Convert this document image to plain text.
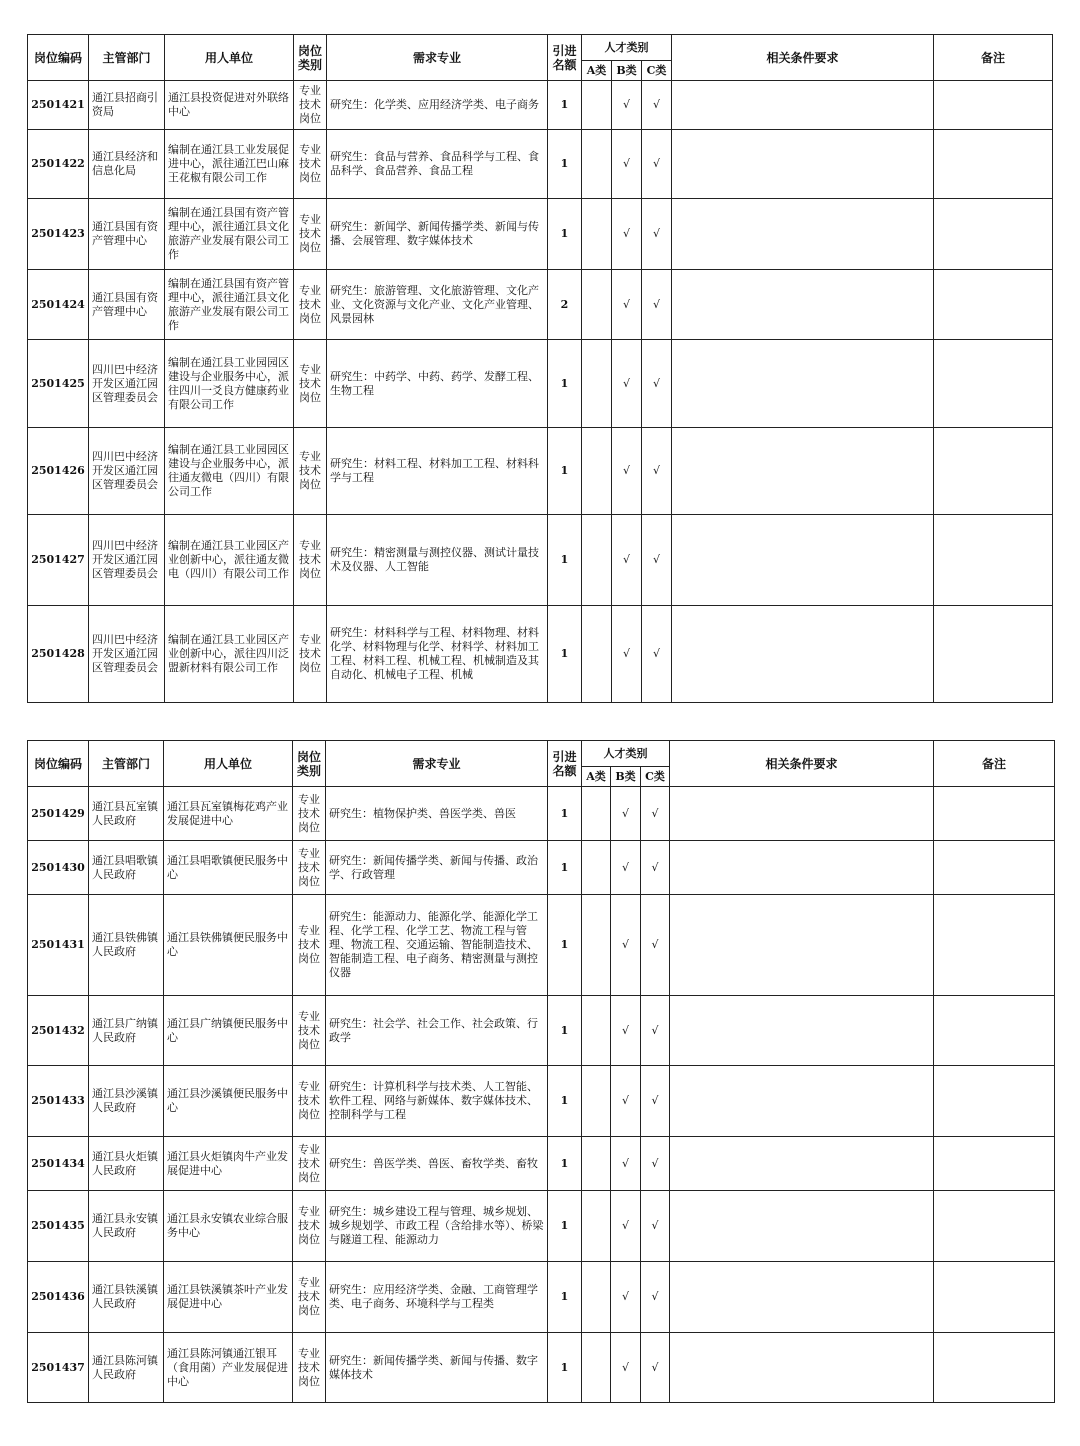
岗位编码	主管部门	用人单位	岗位类别	需求专业	引进名额	人才类别			相关条件要求	备注
						A类	B类	C类		
2501421	通江县招商引资局	通江县投资促进对外联络中心	专业技术岗位	研究生：化学类、应用经济学类、电子商务	1		√	√		
2501422	通江县经济和信息化局	编制在通江县工业发展促进中心，派往通江巴山麻王花椒有限公司工作	专业技术岗位	研究生：食品与营养、食品科学与工程、食品科学、食品营养、食品工程	1		√	√		
2501423	通江县国有资产管理中心	编制在通江县国有资产管理中心，派往通江县文化旅游产业发展有限公司工作	专业技术岗位	研究生：新闻学、新闻传播学类、新闻与传播、会展管理、数字媒体技术	1		√	√		
2501424	通江县国有资产管理中心	编制在通江县国有资产管理中心，派往通江县文化旅游产业发展有限公司工作	专业技术岗位	研究生：旅游管理、文化旅游管理、文化产业、文化资源与文化产业、文化产业管理、风景园林	2		√	√		
2501425	四川巴中经济开发区通江园区管理委员会	编制在通江县工业园园区建设与企业服务中心，派往四川一爻良方健康药业有限公司工作	专业技术岗位	研究生：中药学、中药、药学、发酵工程、生物工程	1		√	√		
2501426	四川巴中经济开发区通江园区管理委员会	编制在通江县工业园园区建设与企业服务中心，派往通友微电（四川）有限公司工作	专业技术岗位	研究生：材料工程、材料加工工程、材料科学与工程	1		√	√		
2501427	四川巴中经济开发区通江园区管理委员会	编制在通江县工业园区产业创新中心，派往通友微电（四川）有限公司工作	专业技术岗位	研究生：精密测量与测控仪器、测试计量技术及仪器、人工智能	1		√	√		
2501428	四川巴中经济开发区通江园区管理委员会	编制在通江县工业园区产业创新中心，派往四川泛盟新材料有限公司工作	专业技术岗位	研究生：材料科学与工程、材料物理、材料化学、材料物理与化学、材料学、材料加工工程、材料工程、机械工程、机械制造及其自动化、机械电子工程、机械	1		√	√		
岗位编码	主管部门	用人单位	岗位类别	需求专业	引进名额	人才类别			相关条件要求	备注
						A类	B类	C类		
2501429	通江县瓦室镇人民政府	通江县瓦室镇梅花鸡产业发展促进中心	专业技术岗位	研究生：植物保护类、兽医学类、兽医	1		√	√		
2501430	通江县唱歌镇人民政府	通江县唱歌镇便民服务中心	专业技术岗位	研究生：新闻传播学类、新闻与传播、政治学、行政管理	1		√	√		
2501431	通江县铁佛镇人民政府	通江县铁佛镇便民服务中心	专业技术岗位	研究生：能源动力、能源化学、能源化学工程、化学工程、化学工艺、物流工程与管理、物流工程、交通运输、智能制造技术、智能制造工程、电子商务、精密测量与测控仪器	1		√	√		
2501432	通江县广纳镇人民政府	通江县广纳镇便民服务中心	专业技术岗位	研究生：社会学、社会工作、社会政策、行政学	1		√	√		
2501433	通江县沙溪镇人民政府	通江县沙溪镇便民服务中心	专业技术岗位	研究生：计算机科学与技术类、人工智能、软件工程、网络与新媒体、数字媒体技术、控制科学与工程	1		√	√		
2501434	通江县火炬镇人民政府	通江县火炬镇肉牛产业发展促进中心	专业技术岗位	研究生：兽医学类、兽医、畜牧学类、畜牧	1		√	√		
2501435	通江县永安镇人民政府	通江县永安镇农业综合服务中心	专业技术岗位	研究生：城乡建设工程与管理、城乡规划、城乡规划学、市政工程（含给排水等）、桥梁与隧道工程、能源动力	1		√	√		
2501436	通江县铁溪镇人民政府	通江县铁溪镇茶叶产业发展促进中心	专业技术岗位	研究生：应用经济学类、金融、工商管理学类、电子商务、环境科学与工程类	1		√	√		
2501437	通江县陈河镇人民政府	通江县陈河镇通江银耳（食用菌）产业发展促进中心	专业技术岗位	研究生：新闻传播学类、新闻与传播、数字媒体技术	1		√	√		
